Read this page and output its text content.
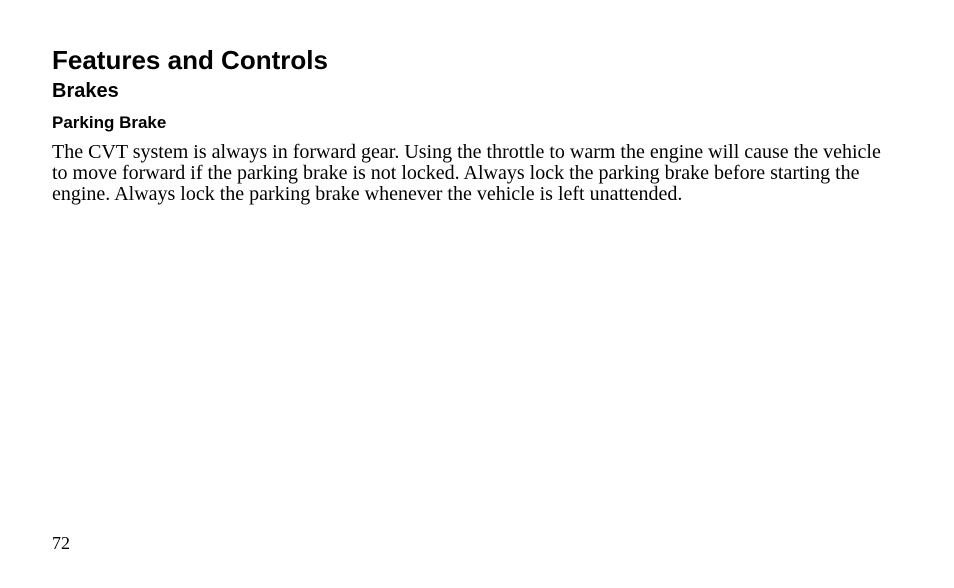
Features and Controls
Brakes
Parking Brake

The CVT system is always in forward gear. Using the throttle to warm the engine will cause the vehicle to move forward if the parking brake is not locked. Always lock the parking brake before starting the engine. Always lock the parking brake whenever the vehicle is left unattended.

72
